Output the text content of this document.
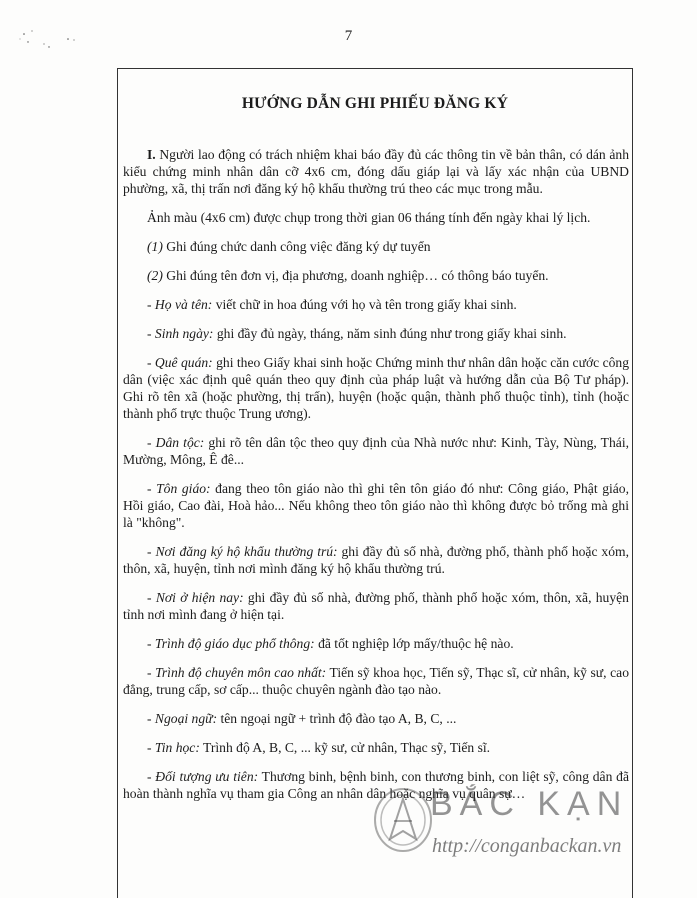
7
HƯỚNG DẪN GHI PHIẾU ĐĂNG KÝ

I. Người lao động có trách nhiệm khai báo đầy đủ các thông tin về bản thân, có dán ảnh kiểu chứng minh nhân dân cỡ 4x6 cm, đóng dấu giáp lại và lấy xác nhận của UBND phường, xã, thị trấn nơi đăng ký hộ khẩu thường trú theo các mục trong mẫu.

Ảnh màu (4x6 cm) được chụp trong thời gian 06 tháng tính đến ngày khai lý lịch.

(1) Ghi đúng chức danh công việc đăng ký dự tuyển

(2) Ghi đúng tên đơn vị, địa phương, doanh nghiệp… có thông báo tuyển.

- Họ và tên: viết chữ in hoa đúng với họ và tên trong giấy khai sinh.

- Sinh ngày: ghi đầy đủ ngày, tháng, năm sinh đúng như trong giấy khai sinh.

- Quê quán: ghi theo Giấy khai sinh hoặc Chứng minh thư nhân dân hoặc căn cước công dân (việc xác định quê quán theo quy định của pháp luật và hướng dẫn của Bộ Tư pháp). Ghi rõ tên xã (hoặc phường, thị trấn), huyện (hoặc quận, thành phố thuộc tỉnh), tỉnh (hoặc thành phố trực thuộc Trung ương).

- Dân tộc: ghi rõ tên dân tộc theo quy định của Nhà nước như: Kinh, Tày, Nùng, Thái, Mường, Mông, Ê đê...

- Tôn giáo: đang theo tôn giáo nào thì ghi tên tôn giáo đó như: Công giáo, Phật giáo, Hồi giáo, Cao đài, Hoà hảo... Nếu không theo tôn giáo nào thì không được bỏ trống mà ghi là "không".

- Nơi đăng ký hộ khẩu thường trú: ghi đầy đủ số nhà, đường phố, thành phố hoặc xóm, thôn, xã, huyện, tỉnh nơi mình đăng ký hộ khẩu thường trú.

- Nơi ở hiện nay: ghi đầy đủ số nhà, đường phố, thành phố hoặc xóm, thôn, xã, huyện tỉnh nơi mình đang ở hiện tại.

- Trình độ giáo dục phổ thông: đã tốt nghiệp lớp mấy/thuộc hệ nào.

- Trình độ chuyên môn cao nhất: Tiến sỹ khoa học, Tiến sỹ, Thạc sĩ, cử nhân, kỹ sư, cao đẳng, trung cấp, sơ cấp... thuộc chuyên ngành đào tạo nào.

- Ngoại ngữ: tên ngoại ngữ + trình độ đào tạo A, B, C, ...

- Tin học: Trình độ A, B, C, ... kỹ sư, cử nhân, Thạc sỹ, Tiến sĩ.

- Đối tượng ưu tiên: Thương binh, bệnh binh, con thương binh, con liệt sỹ, công dân đã hoàn thành nghĩa vụ tham gia Công an nhân dân hoặc nghĩa vụ quân sự…

BẮC KẠN
http://conganbackan.vn
